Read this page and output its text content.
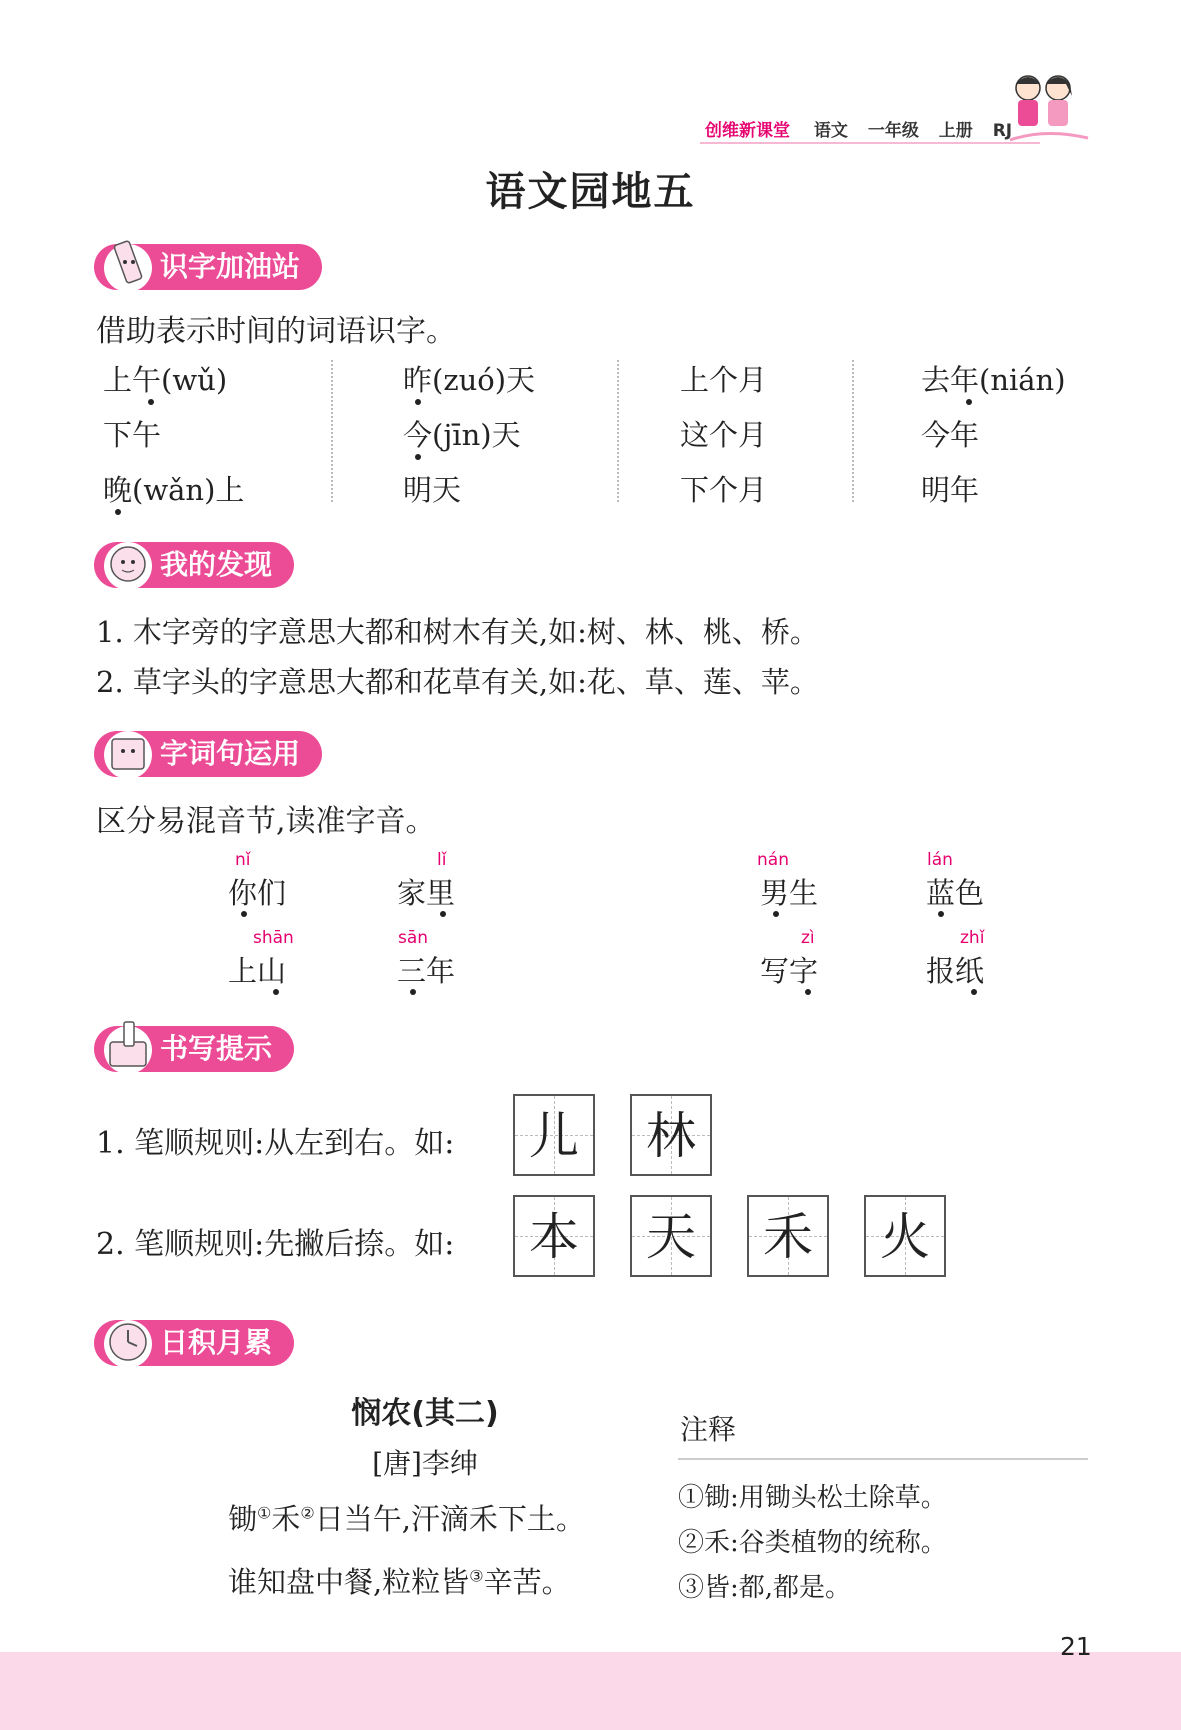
创维新课堂 语文 一年级 上册 RJ
语文园地五
识字加油站
借助表示时间的词语识字。
上午(wǔ)
下午
晚(wǎn)上
昨(zuó)天
今(jīn)天
明天
上个月
这个月
下个月
去年(nián)
今年
明年
我的发现
1. 木字旁的字意思大都和树木有关,如:树、林、桃、桥。
2. 草字头的字意思大都和花草有关,如:花、草、莲、苹。
字词句运用
区分易混音节,读准字音。
nǐ
你们
lǐ
家里
nán
男生
lán
蓝色
shān
上山
sān
三年
zì
写字
zhǐ
报纸
书写提示
1. 笔顺规则:从左到右。如: 儿 林
2. 笔顺规则:先撇后捺。如: 本 天 禾 火
日积月累
悯农(其二)
[唐]李绅
锄①禾②日当午,汗滴禾下土。
谁知盘中餐,粒粒皆③辛苦。
注释
①锄:用锄头松土除草。
②禾:谷类植物的统称。
③皆:都,都是。
21
